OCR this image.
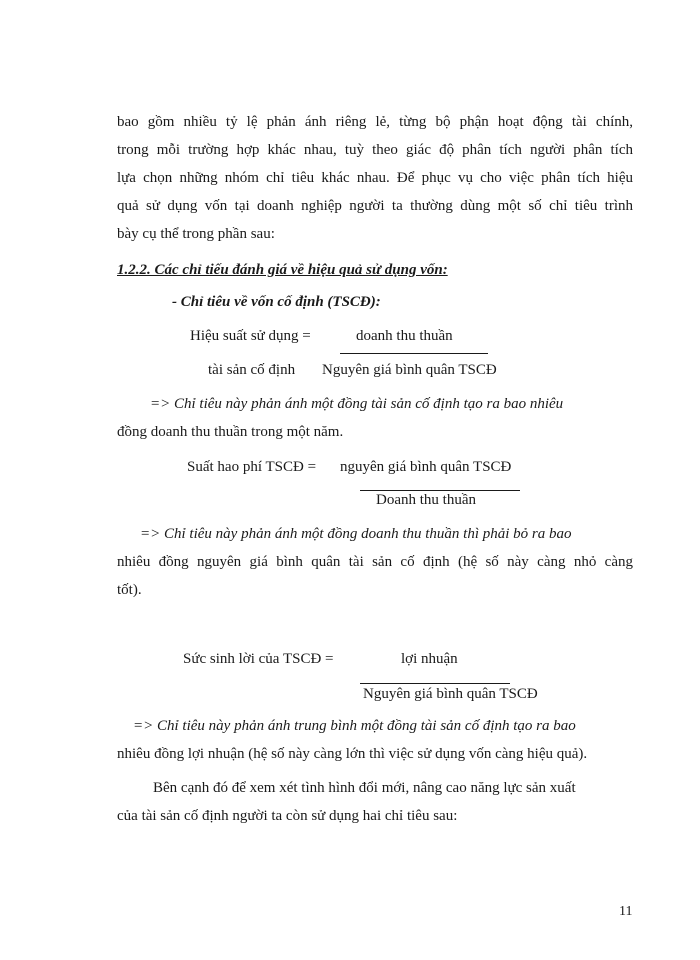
bao gồm nhiều tỷ lệ phản ánh riêng lẻ, từng bộ phận hoạt động tài chính,
trong mỗi trường hợp khác nhau, tuỳ theo giác độ phân tích người phân tích
lựa chọn những nhóm chỉ tiêu khác nhau. Để phục vụ cho việc phân tích hiệu
quả sử dụng vốn tại doanh nghiệp người ta thường dùng một số chỉ tiêu trình
bày cụ thể trong phần sau:
1.2.2. Các chỉ tiếu đánh giá về hiệu quả sử dụng vốn:
- Chỉ tiêu về vốn cố định (TSCĐ):
Hiệu suất sử dụng =	doanh thu thuần
tài sản cố định Nguyên giá bình quân TSCĐ
=> Chỉ tiêu này phản ánh một đồng tài sản cố định tạo ra bao nhiêu
đồng doanh thu thuần trong một năm.
Suất hao phí TSCĐ = nguyên giá bình quân TSCĐ
Doanh thu thuần
=> Chỉ tiêu này phản ánh một đồng doanh thu thuần thì phải bỏ ra bao
nhiêu đồng nguyên giá bình quân tài sản cố định (hệ số này càng nhỏ càng
tốt).
Sức sinh lời của TSCĐ =	lợi nhuận
Nguyên giá bình quân TSCĐ
=> Chỉ tiêu này phản ánh trung bình một đồng tài sản cố định tạo ra bao
nhiêu đồng lợi nhuận (hệ số này càng lớn thì việc sử dụng vốn càng hiệu quả).
Bên cạnh đó để xem xét tình hình đổi mới, nâng cao năng lực sản xuất
của tài sản cố định người ta còn sử dụng hai chỉ tiêu sau:
11
